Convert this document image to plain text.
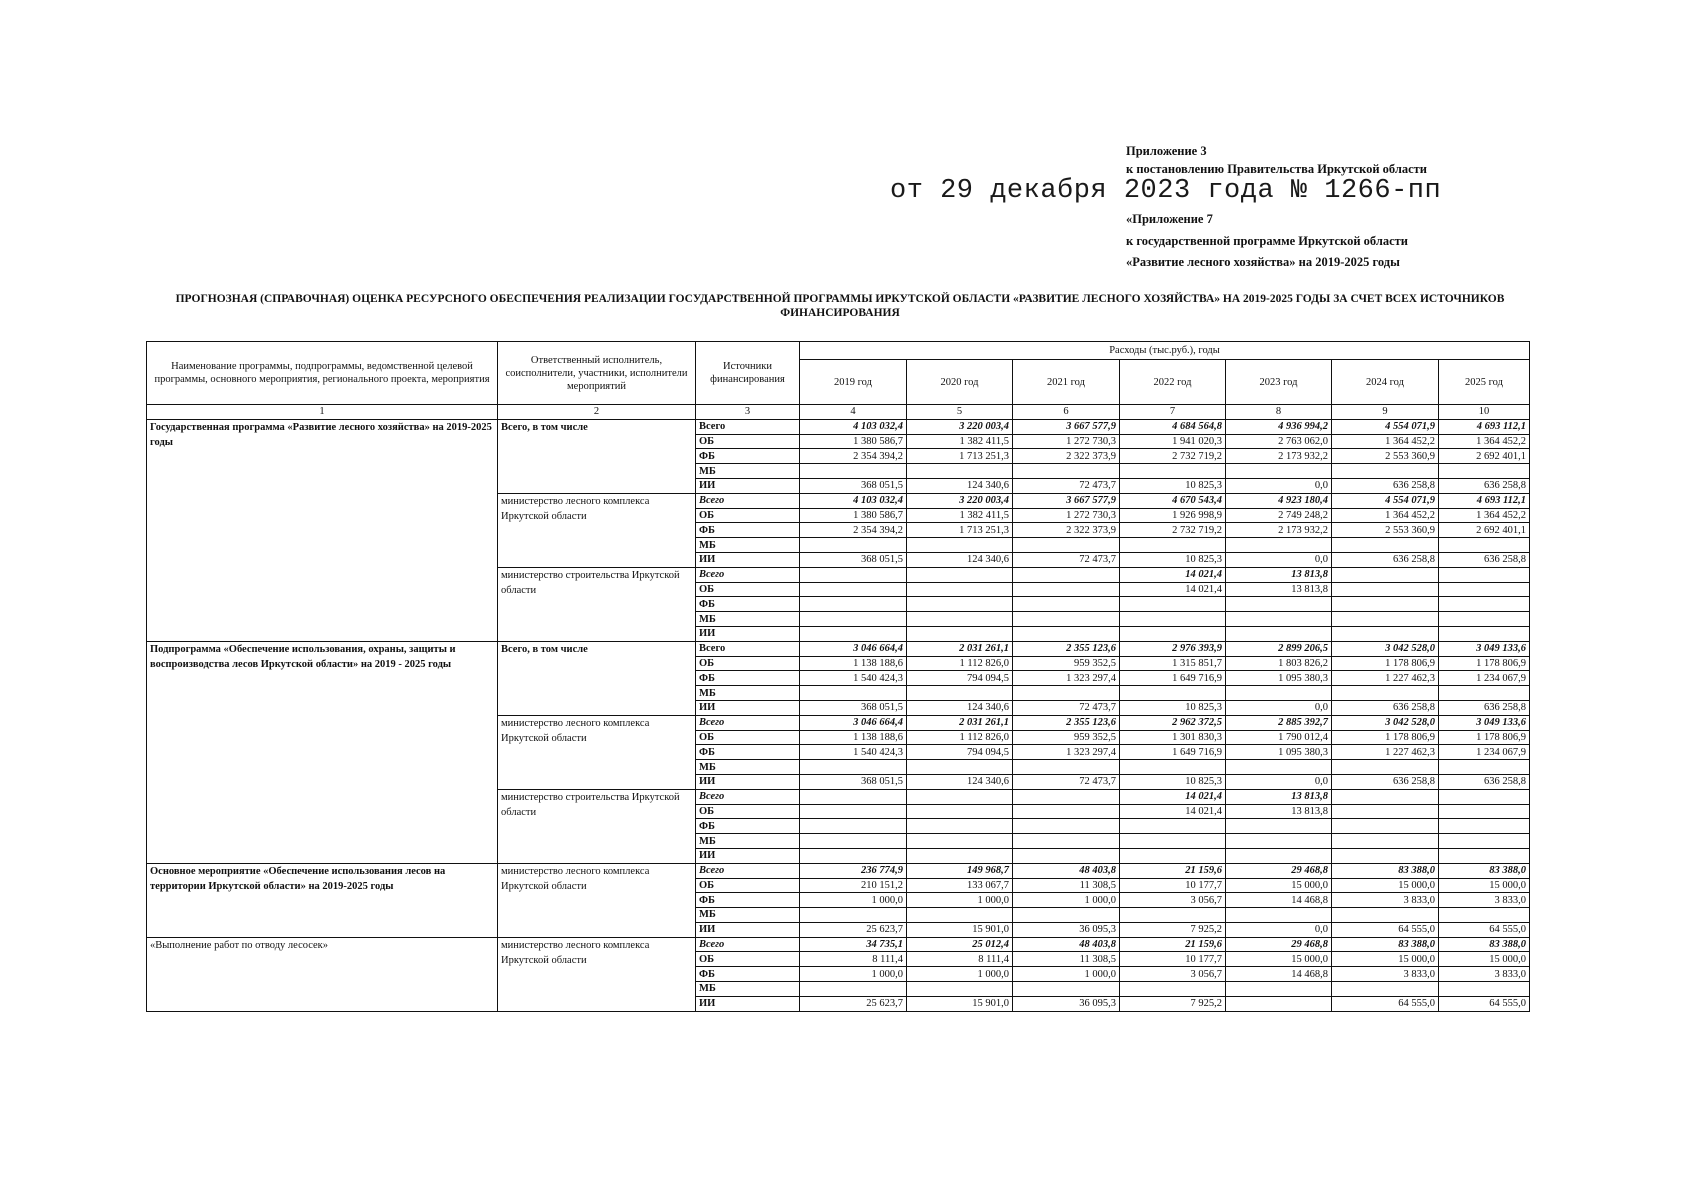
Приложение 3
к постановлению Правительства Иркутской области
от 29 декабря 2023 года № 1266-пп
«Приложение 7
к государственной программе Иркутской области
«Развитие лесного хозяйства» на 2019-2025 годы
ПРОГНОЗНАЯ (СПРАВОЧНАЯ) ОЦЕНКА РЕСУРСНОГО ОБЕСПЕЧЕНИЯ РЕАЛИЗАЦИИ ГОСУДАРСТВЕННОЙ ПРОГРАММЫ ИРКУТСКОЙ ОБЛАСТИ «РАЗВИТИЕ ЛЕСНОГО ХОЗЯЙСТВА» НА 2019-2025 ГОДЫ ЗА СЧЕТ ВСЕХ ИСТОЧНИКОВ ФИНАНСИРОВАНИЯ
Наименование программы, подпрограммы, ведомственной целевой программы, основного мероприятия, регионального проекта, мероприятия	Ответственный исполнитель, соисполнители, участники, исполнители мероприятий	Источники финансирования	Расходы (тыс.руб.), годы						
			2019 год	2020 год	2021 год	2022 год	2023 год	2024 год	2025 год
1	2	3	4	5	6	7	8	9	10
Государственная программа «Развитие лесного хозяйства» на 2019-2025 годы	Всего, в том числе	Всего	4 103 032,4	3 220 003,4	3 667 577,9	4 684 564,8	4 936 994,2	4 554 071,9	4 693 112,1
		ОБ	1 380 586,7	1 382 411,5	1 272 730,3	1 941 020,3	2 763 062,0	1 364 452,2	1 364 452,2
		ФБ	2 354 394,2	1 713 251,3	2 322 373,9	2 732 719,2	2 173 932,2	2 553 360,9	2 692 401,1
		МБ							
		ИИ	368 051,5	124 340,6	72 473,7	10 825,3	0,0	636 258,8	636 258,8
	министерство лесного комплекса Иркутской области	Всего	4 103 032,4	3 220 003,4	3 667 577,9	4 670 543,4	4 923 180,4	4 554 071,9	4 693 112,1
		ОБ	1 380 586,7	1 382 411,5	1 272 730,3	1 926 998,9	2 749 248,2	1 364 452,2	1 364 452,2
		ФБ	2 354 394,2	1 713 251,3	2 322 373,9	2 732 719,2	2 173 932,2	2 553 360,9	2 692 401,1
		МБ							
		ИИ	368 051,5	124 340,6	72 473,7	10 825,3	0,0	636 258,8	636 258,8
	министерство строительства Иркутской области	Всего				14 021,4	13 813,8		
		ОБ				14 021,4	13 813,8		
		ФБ							
		МБ							
		ИИ							
Подпрограмма «Обеспечение использования, охраны, защиты и воспроизводства лесов Иркутской области» на 2019 - 2025 годы	Всего, в том числе	Всего	3 046 664,4	2 031 261,1	2 355 123,6	2 976 393,9	2 899 206,5	3 042 528,0	3 049 133,6
		ОБ	1 138 188,6	1 112 826,0	959 352,5	1 315 851,7	1 803 826,2	1 178 806,9	1 178 806,9
		ФБ	1 540 424,3	794 094,5	1 323 297,4	1 649 716,9	1 095 380,3	1 227 462,3	1 234 067,9
		МБ							
		ИИ	368 051,5	124 340,6	72 473,7	10 825,3	0,0	636 258,8	636 258,8
	министерство лесного комплекса Иркутской области	Всего	3 046 664,4	2 031 261,1	2 355 123,6	2 962 372,5	2 885 392,7	3 042 528,0	3 049 133,6
		ОБ	1 138 188,6	1 112 826,0	959 352,5	1 301 830,3	1 790 012,4	1 178 806,9	1 178 806,9
		ФБ	1 540 424,3	794 094,5	1 323 297,4	1 649 716,9	1 095 380,3	1 227 462,3	1 234 067,9
		МБ							
		ИИ	368 051,5	124 340,6	72 473,7	10 825,3	0,0	636 258,8	636 258,8
	министерство строительства Иркутской области	Всего				14 021,4	13 813,8		
		ОБ				14 021,4	13 813,8		
		ФБ							
		МБ							
		ИИ							
Основное мероприятие «Обеспечение использования лесов на территории Иркутской области» на 2019-2025 годы	министерство лесного комплекса Иркутской области	Всего	236 774,9	149 968,7	48 403,8	21 159,6	29 468,8	83 388,0	83 388,0
		ОБ	210 151,2	133 067,7	11 308,5	10 177,7	15 000,0	15 000,0	15 000,0
		ФБ	1 000,0	1 000,0	1 000,0	3 056,7	14 468,8	3 833,0	3 833,0
		МБ							
		ИИ	25 623,7	15 901,0	36 095,3	7 925,2	0,0	64 555,0	64 555,0
«Выполнение работ по отводу лесосек»	министерство лесного комплекса Иркутской области	Всего	34 735,1	25 012,4	48 403,8	21 159,6	29 468,8	83 388,0	83 388,0
		ОБ	8 111,4	8 111,4	11 308,5	10 177,7	15 000,0	15 000,0	15 000,0
		ФБ	1 000,0	1 000,0	1 000,0	3 056,7	14 468,8	3 833,0	3 833,0
		МБ							
		ИИ	25 623,7	15 901,0	36 095,3	7 925,2		64 555,0	64 555,0
